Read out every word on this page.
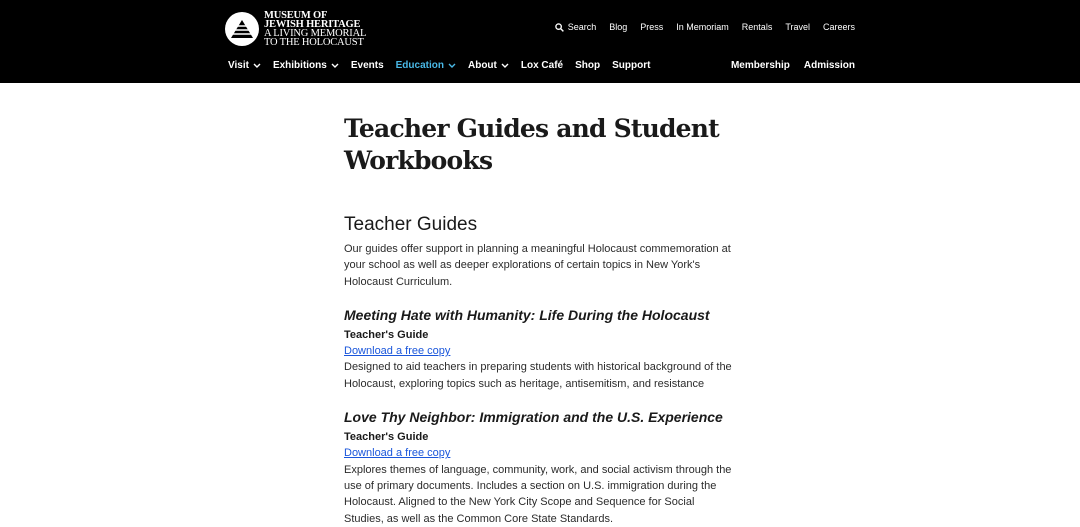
MUSEUM OF
JEWISH HERITAGE
A LIVING MEMORIAL
TO THE HOLOCAUST
Search Blog Press In Memoriam Rentals Travel Careers
Visit Exhibitions Events Education About Lox Café Shop Support	Membership Admission
Teacher Guides and Student Workbooks
Teacher Guides

Our guides offer support in planning a meaningful Holocaust commemoration at your school as well as deeper explorations of certain topics in New York's Holocaust Curriculum.

Meeting Hate with Humanity: Life During the Holocaust
Teacher's Guide
Download a free copy

Designed to aid teachers in preparing students with historical background of the Holocaust, exploring topics such as heritage, antisemitism, and resistance

Love Thy Neighbor: Immigration and the U.S. Experience
Teacher's Guide
Download a free copy

Explores themes of language, community, work, and social activism through the use of primary documents. Includes a section on U.S. immigration during the Holocaust. Aligned to the New York City Scope and Sequence for Social Studies, as well as the Common Core State Standards.
